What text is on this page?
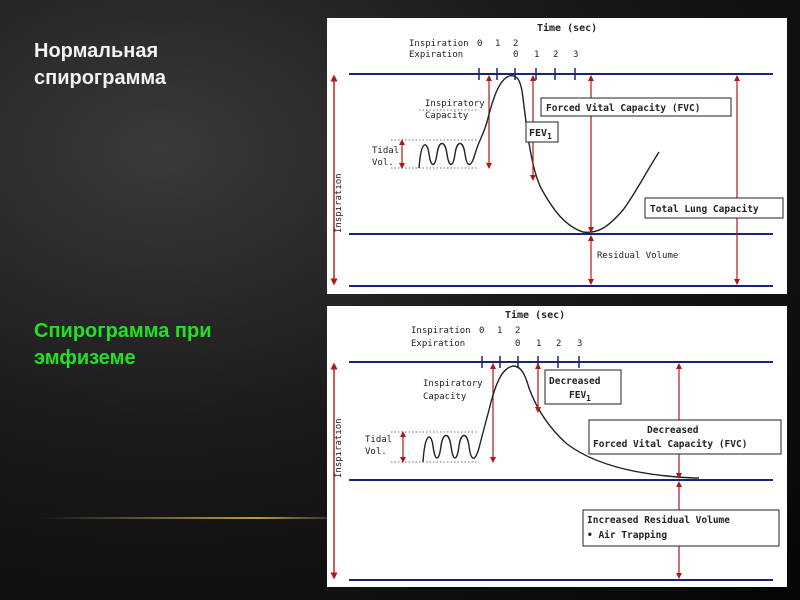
Нормальная
спирограмма
Спирограмма при
эмфиземе
Time (sec)
Inspiration
Expiration
0 1 2
0 1 2 3
Inspiration
Tidal
Vol.
Inspiratory
Capacity
$FEV_1$
Forced Vital Capacity (FVC)
Total Lung Capacity
Residual Volume
Time (sec)
Inspiration
Expiration
0 1 2
0 1 2 3
Inspiration Tidal
Vol.
Inspiratory
Capacity
Decreased
$FEV_1$
Decreased
Forced Vital Capacity (FVC)
Increased Residual Volume
• Air Trapping
